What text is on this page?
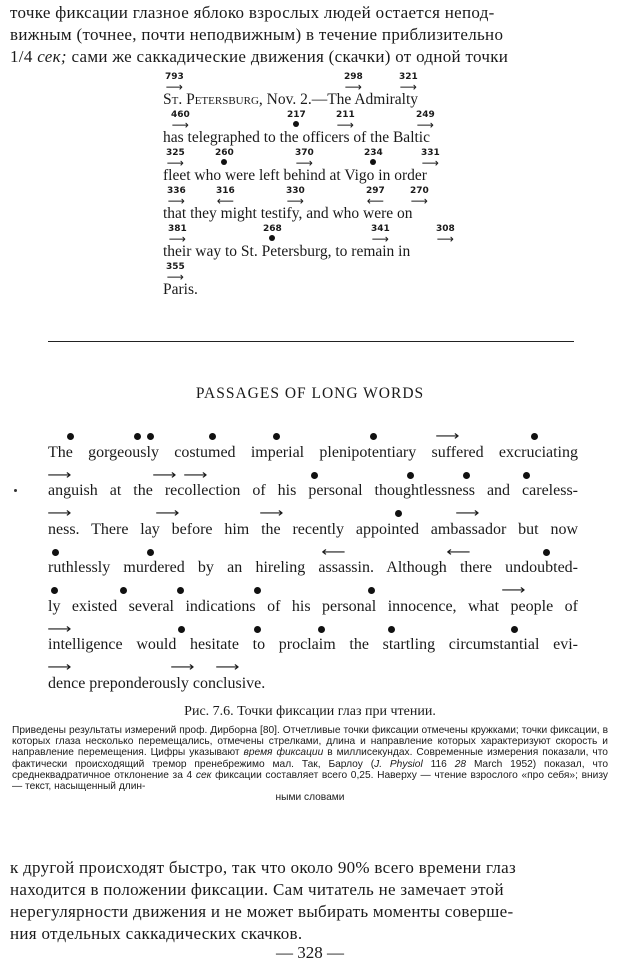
точке фиксации глазное яблоко взрослых людей остается непод-
вижным (точнее, почти неподвижным) в течение приблизительно
1/4 сек; сами же саккадические движения (скачки) от одной точки
793
⟶
298
⟶
321
⟶
St. Petersburg, Nov. 2.—The Admiralty
460
⟶
217	211
⟶
249
⟶
has telegraphed to the officers of the Baltic
325
⟶
260	370
⟶
234	331
⟶
fleet who were left behind at Vigo in order
336
⟶
316
⟵
330
⟶
297
⟵
270
⟶
that they might testify, and who were on
381
⟶
268	341
⟶
308
⟶
their way to St. Petersburg, to remain in
355
⟶
Paris.
PASSAGES OF LONG WORDS
⟶
The gorgeously costumed imperial plenipotentiary suffered excruciating
⟶	⟶ ⟶
anguish at the recollection of his personal thoughtlessness and careless-
⟶	⟶	⟶	⟶
ness. There lay before him the recently appointed ambassador but now
⟵	⟵
ruthlessly murdered by an hireling assassin. Although there undoubted-
⟶
ly existed several indications of his personal innocence, what people of
⟶
intelligence would hesitate to proclaim the startling circumstantial evi-
⟶	⟶ ⟶
dence preponderously conclusive.
Рис. 7.6. Точки фиксации глаз при чтении.
Приведены результаты измерений проф. Дирборна [80]. Отчетливые точки фиксации отмечены кружками; точки фиксации, в которых глаза несколько перемещались, отмечены стрелками, длина и направление которых характеризуют скорость и направление перемещения. Цифры указывают время фиксации в миллисекундах. Современные измерения показали, что фактически происходящий тремор пренебрежимо мал. Так, Барлоу (J. Physiol 116 28 March 1952) показал, что среднеквадратичное отклонение за 4 сек фиксации составляет всего 0,25. Наверху — чтение взрослого «про себя»; внизу — текст, насыщенный длин-
ными словами
к другой происходят быстро, так что около 90% всего времени глаз
находится в положении фиксации. Сам читатель не замечает этой
нерегулярности движения и не может выбирать моменты соверше-
ния отдельных саккадических скачков.
— 328 —
